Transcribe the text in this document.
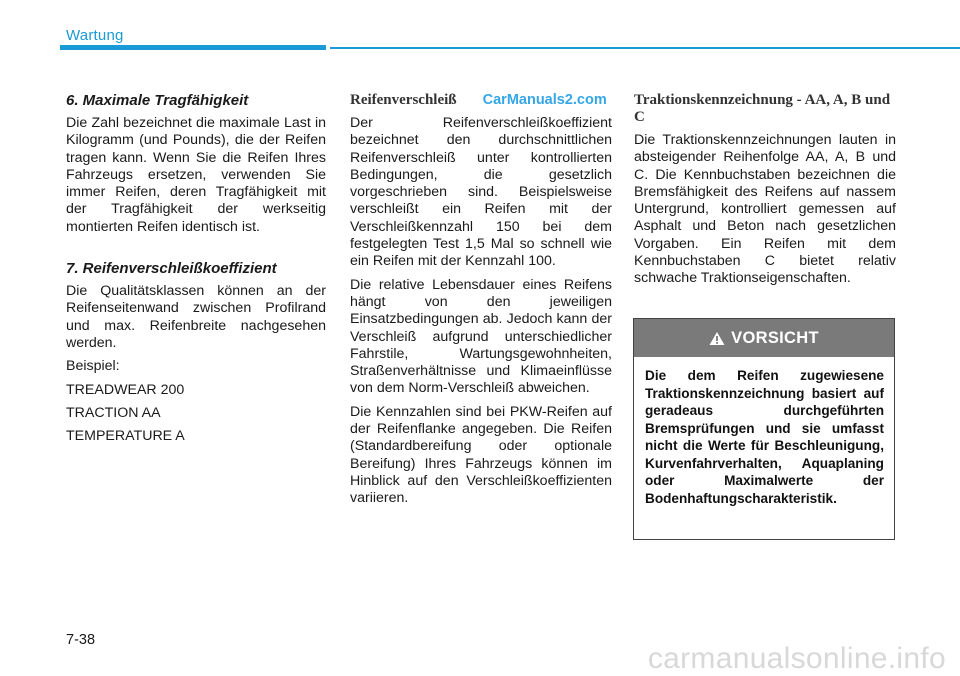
Wartung
6. Maximale Tragfähigkeit

Die Zahl bezeichnet die maximale Last in Kilogramm (und Pounds), die der Reifen tragen kann. Wenn Sie die Reifen Ihres Fahrzeugs ersetzen, verwenden Sie immer Reifen, deren Tragfähigkeit mit der Tragfähigkeit der werkseitig montierten Reifen identisch ist.

7. Reifenverschleißkoeffizient

Die Qualitätsklassen können an der Reifenseitenwand zwischen Profilrand und max. Reifenbreite nachgesehen werden.

Beispiel:

TREADWEAR 200

TRACTION AA

TEMPERATURE A

Reifenverschleiß CarManuals2.com

Der Reifenverschleißkoeffizient bezeichnet den durchschnittlichen Reifenverschleiß unter kontrollierten Bedingungen, die gesetzlich vorgeschrieben sind. Beispielsweise verschleißt ein Reifen mit der Verschleißkennzahl 150 bei dem festgelegten Test 1,5 Mal so schnell wie ein Reifen mit der Kennzahl 100.

Die relative Lebensdauer eines Reifens hängt von den jeweiligen Einsatzbedingungen ab. Jedoch kann der Verschleiß aufgrund unterschiedlicher Fahrstile, Wartungsgewohnheiten, Straßenverhältnisse und Klimaeinflüsse von dem Norm-Verschleiß abweichen.

Die Kennzahlen sind bei PKW-Reifen auf der Reifenflanke angegeben. Die Reifen (Standardbereifung oder optionale Bereifung) Ihres Fahrzeugs können im Hinblick auf den Verschleißkoeffizienten variieren.

Traktionskennzeichnung - AA, A, B und C

Die Traktionskennzeichnungen lauten in absteigender Reihenfolge AA, A, B und C. Die Kennbuchstaben bezeichnen die Bremsfähigkeit des Reifens auf nassem Untergrund, kontrolliert gemessen auf Asphalt und Beton nach gesetzlichen Vorgaben. Ein Reifen mit dem Kennbuchstaben C bietet relativ schwache Traktionseigenschaften.

VORSICHT
Die dem Reifen zugewiesene Traktionskennzeichnung basiert auf geradeaus durchgeführten Bremsprüfungen und sie umfasst nicht die Werte für Beschleunigung, Kurvenfahrverhalten, Aquaplaning oder Maximalwerte der Bodenhaftungscharakteristik.
7-38
carmanualsonline.info
